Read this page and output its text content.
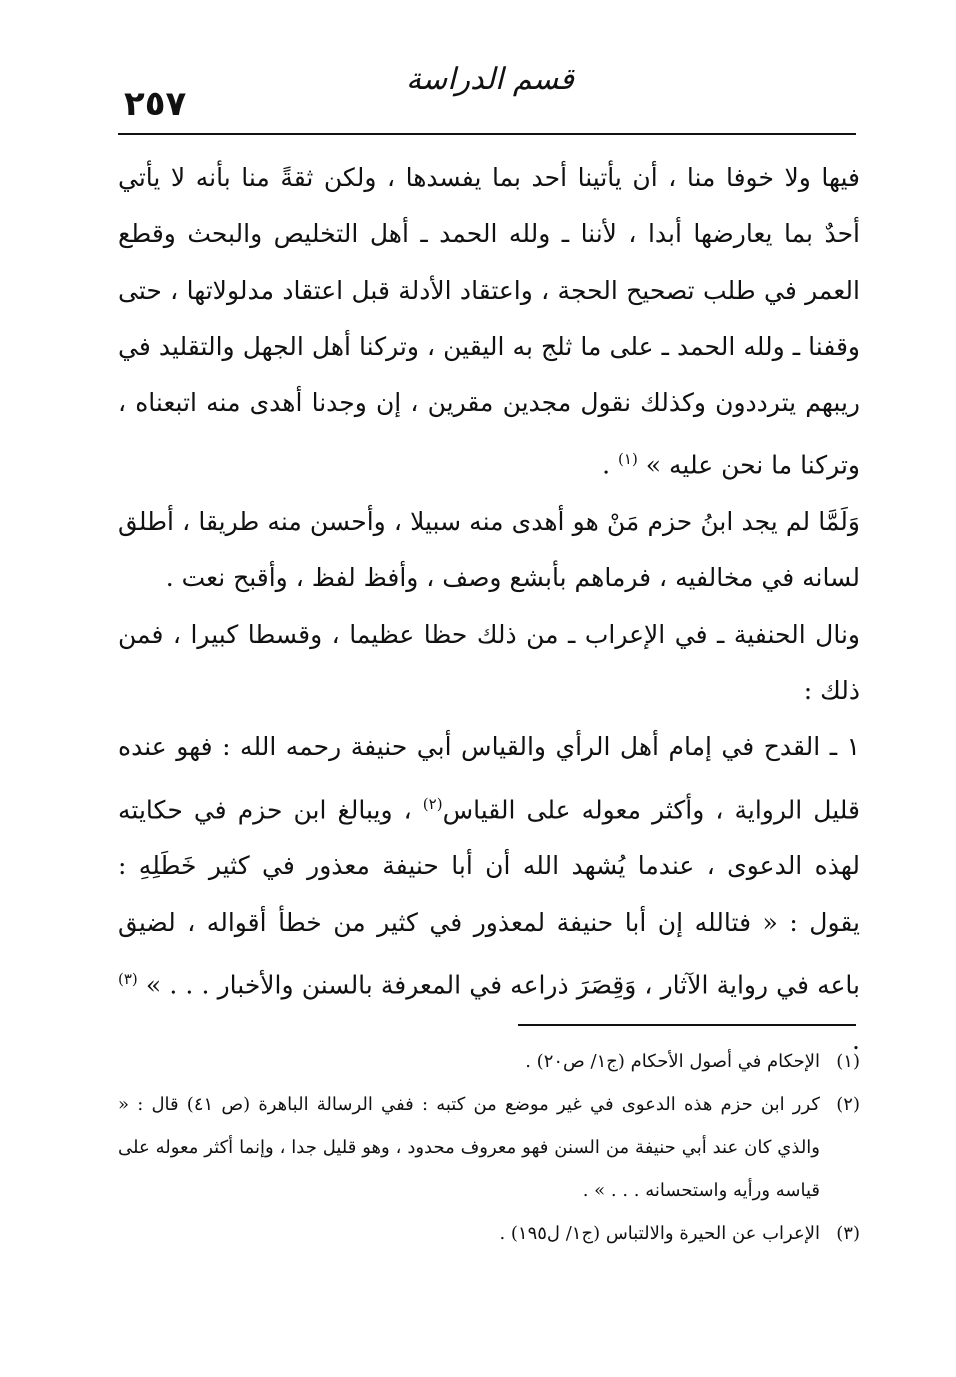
٢٥٧
قسم الدراسة

فيها ولا خوفا منا ، أن يأتينا أحد بما يفسدها ، ولكن ثقةً منا بأنه لا يأتي أحدٌ بما يعارضها أبدا ، لأننا ـ ولله الحمد ـ أهل التخليص والبحث وقطع العمر في طلب تصحيح الحجة ، واعتقاد الأدلة قبل اعتقاد مدلولاتها ، حتى وقفنا ـ ولله الحمد ـ على ما ثلج به اليقين ، وتركنا أهل الجهل والتقليد في ريبهم يترددون وكذلك نقول مجدين مقرين ، إن وجدنا أهدى منه اتبعناه ، وتركنا ما نحن عليه » $^{(١)}$ .

وَلَمَّا لم يجد ابنُ حزم مَنْ هو أهدى منه سبيلا ، وأحسن منه طريقا ، أطلق لسانه في مخالفيه ، فرماهم بأبشع وصف ، وأفظ لفظ ، وأقبح نعت .

ونال الحنفية ـ في الإعراب ـ من ذلك حظا عظيما ، وقسطا كبيرا ، فمن ذلك :

١ ـ القدح في إمام أهل الرأي والقياس أبي حنيفة رحمه الله : فهو عنده قليل الرواية ، وأكثر معوله على القياس$^{(٢)}$ ، ويبالغ ابن حزم في حكايته لهذه الدعوى ، عندما يُشهد الله أن أبا حنيفة معذور في كثير خَطَلِهِ : يقول : « فتالله إن أبا حنيفة لمعذور في كثير من خطأ أقواله ، لضيق باعه في رواية الآثار ، وَقِصَرَ ذراعه في المعرفة بالسنن والأخبار . . . » $^{(٣)}$ .

(١)
الإحكام في أصول الأحكام (ج١/ ص٢٠) .
(٢)
كرر ابن حزم هذه الدعوى في غير موضع من كتبه : ففي الرسالة الباهرة (ص ٤١) قال : « والذي كان عند أبي حنيفة من السنن فهو معروف محدود ، وهو قليل جدا ، وإنما أكثر معوله على قياسه ورأيه واستحسانه . . . » .
(٣)
الإعراب عن الحيرة والالتباس (ج١/ ل١٩٥) .
